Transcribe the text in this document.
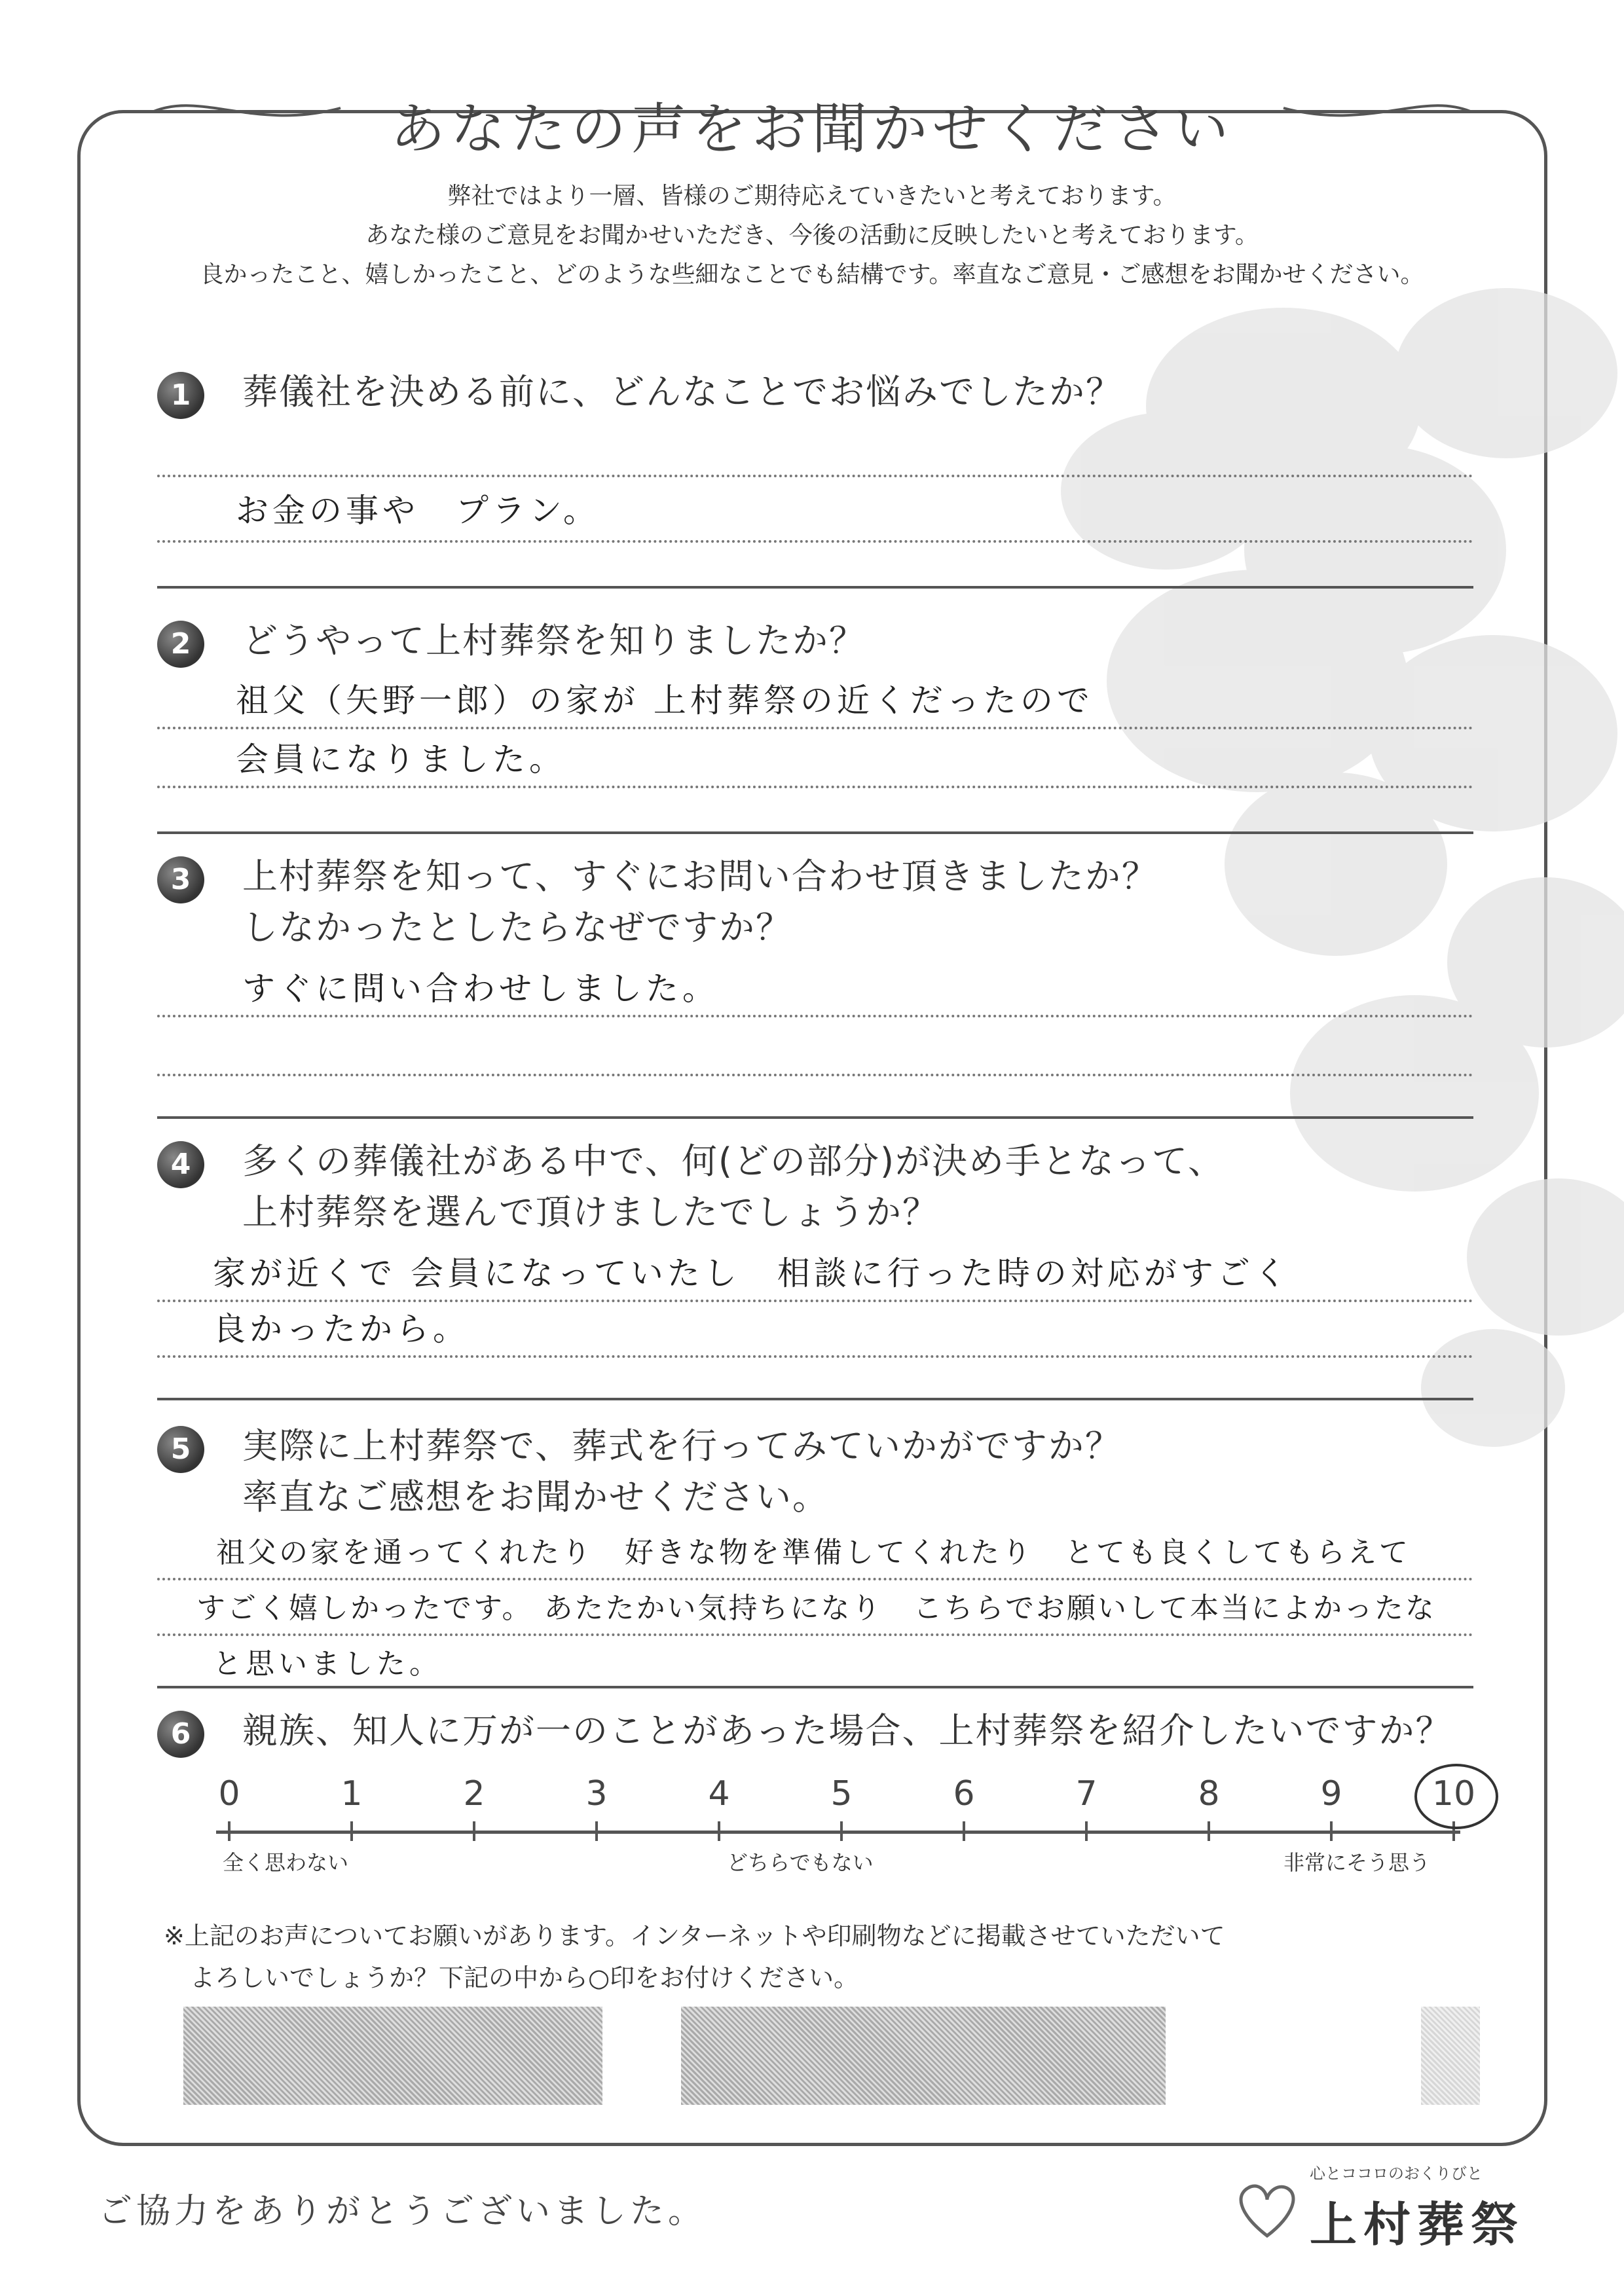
あなたの声をお聞かせください
弊社ではより一層、皆様のご期待応えていきたいと考えております。
あなた様のご意見をお聞かせいただき、今後の活動に反映したいと考えております。
良かったこと、嬉しかったこと、どのような些細なことでも結構です。率直なご意見・ご感想をお聞かせください。
1	葬儀社を決める前に、どんなことでお悩みでしたか？
お金の事や　プラン。
2	どうやって上村葬祭を知りましたか？
祖父（矢野一郎）の家が 上村葬祭の近くだったので
会員になりました。
3	上村葬祭を知って、すぐにお問い合わせ頂きましたか？
しなかったとしたらなぜですか？
すぐに問い合わせしました。
4	多くの葬儀社がある中で、何(どの部分)が決め手となって、
上村葬祭を選んで頂けましたでしょうか？
家が近くで 会員になっていたし　相談に行った時の対応がすごく
良かったから。
5	実際に上村葬祭で、葬式を行ってみていかがですか？
率直なご感想をお聞かせください。
祖父の家を通ってくれたり　好きな物を準備してくれたり　とても良くしてもらえて
すごく嬉しかったです。 あたたかい気持ちになり　こちらでお願いして本当によかったな
と思いました。
6	親族、知人に万が一のことがあった場合、上村葬祭を紹介したいですか？
0	1	2	3	4	5	6	7	8	9	10
全く思わない	どちらでもない	非常にそう思う
※上記のお声についてお願いがあります。インターネットや印刷物などに掲載させていただいて
よろしいでしょうか？下記の中から○印をお付けください。
ご協力をありがとうございました。
心とココロのおくりびと
上村葬祭
